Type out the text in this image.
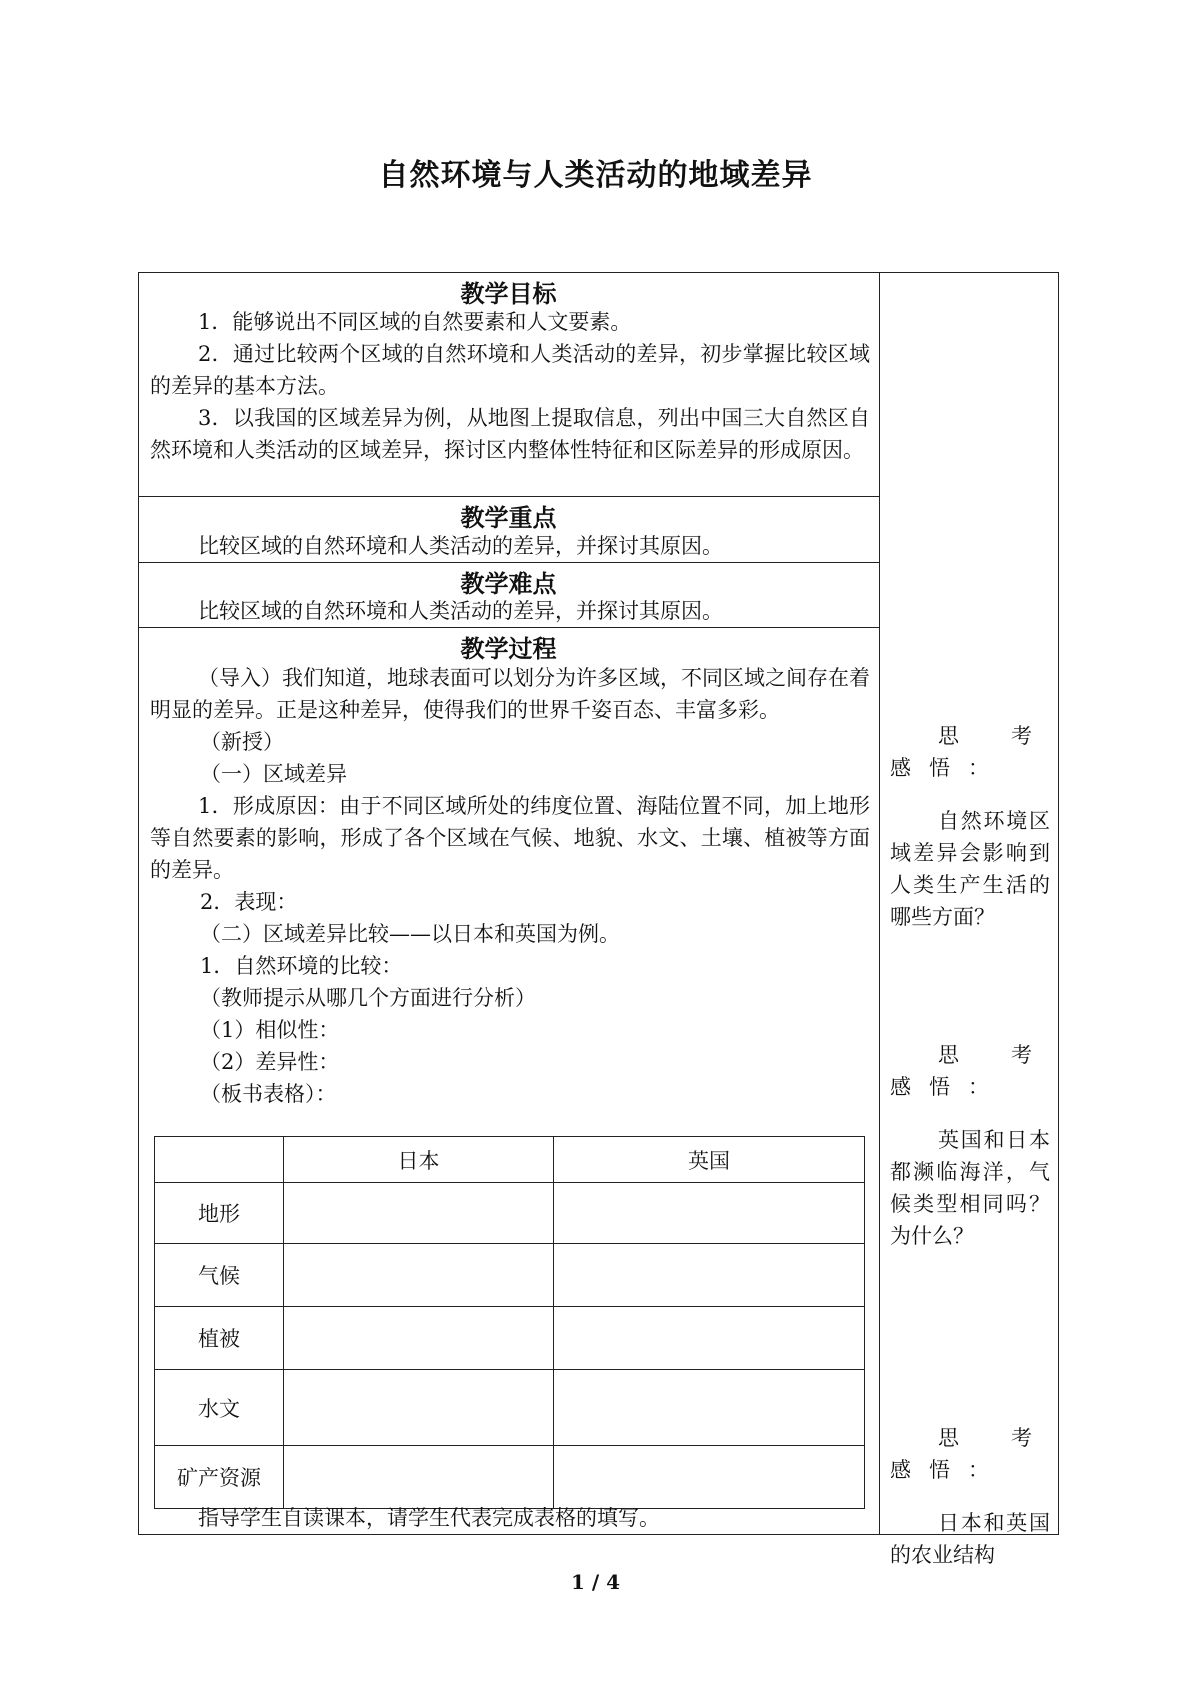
自然环境与人类活动的地域差异
教学目标

1．能够说出不同区域的自然要素和人文要素。

2．通过比较两个区域的自然环境和人类活动的差异，初步掌握比较区域的差异的基本方法。

3．以我国的区域差异为例，从地图上提取信息，列出中国三大自然区自然环境和人类活动的区域差异，探讨区内整体性特征和区际差异的形成原因。

教学重点

比较区域的自然环境和人类活动的差异，并探讨其原因。

教学难点

比较区域的自然环境和人类活动的差异，并探讨其原因。

教学过程

（导入）我们知道，地球表面可以划分为许多区域，不同区域之间存在着明显的差异。正是这种差异，使得我们的世界千姿百态、丰富多彩。

（新授）

（一）区域差异

1．形成原因：由于不同区域所处的纬度位置、海陆位置不同，加上地形等自然要素的影响，形成了各个区域在气候、地貌、水文、土壤、植被等方面的差异。

2．表现：

（二）区域差异比较——以日本和英国为例。

1．自然环境的比较：

（教师提示从哪几个方面进行分析）

（1）相似性：

（2）差异性：

（板书表格）：

	日本	英国
地形		
气候		
植被		
水文		
矿产资源		

指导学生自读课本，请学生代表完成表格的填写。

思考感悟：

自然环境区域差异会影响到人类生产生活的哪些方面？

思考感悟：

英国和日本都濒临海洋，气候类型相同吗？为什么？

思考感悟：

日本和英国的农业结构

1 / 4
